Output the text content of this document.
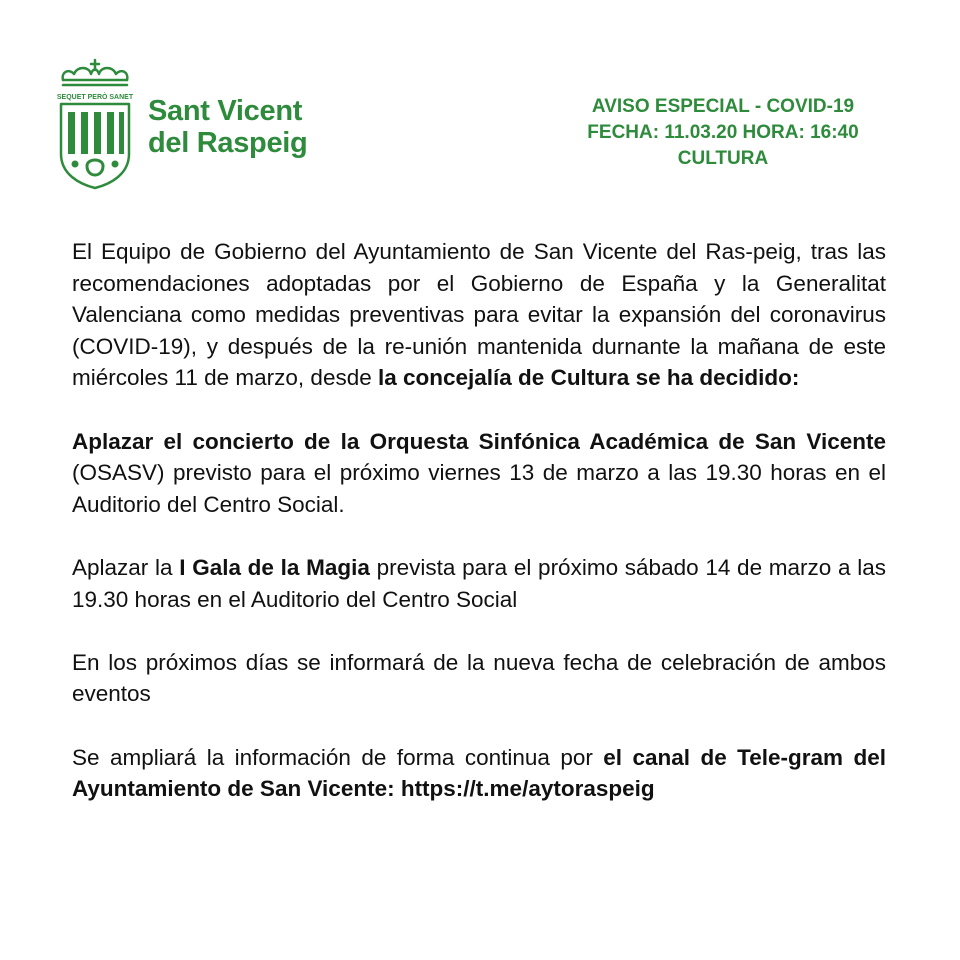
SEQUET PERÒ SANET Sant Vicent
del Raspeig
AVISO ESPECIAL - COVID-19
FECHA: 11.03.20 HORA: 16:40
CULTURA

El Equipo de Gobierno del Ayuntamiento de San Vicente del Ras-peig, tras las recomendaciones adoptadas por el Gobierno de España y la Generalitat Valenciana como medidas preventivas para evitar la expansión del coronavirus (COVID-19), y después de la re-unión mantenida durnante la mañana de este miércoles 11 de marzo, desde la concejalía de Cultura se ha decidido:

Aplazar el concierto de la Orquesta Sinfónica Académica de San Vicente (OSASV) previsto para el próximo viernes 13 de marzo a las 19.30 horas en el Auditorio del Centro Social.

Aplazar la I Gala de la Magia prevista para el próximo sábado 14 de marzo a las 19.30 horas en el Auditorio del Centro Social

En los próximos días se informará de la nueva fecha de celebración de ambos eventos

Se ampliará la información de forma continua por el canal de Tele-gram del Ayuntamiento de San Vicente: https://t.me/aytoraspeig
